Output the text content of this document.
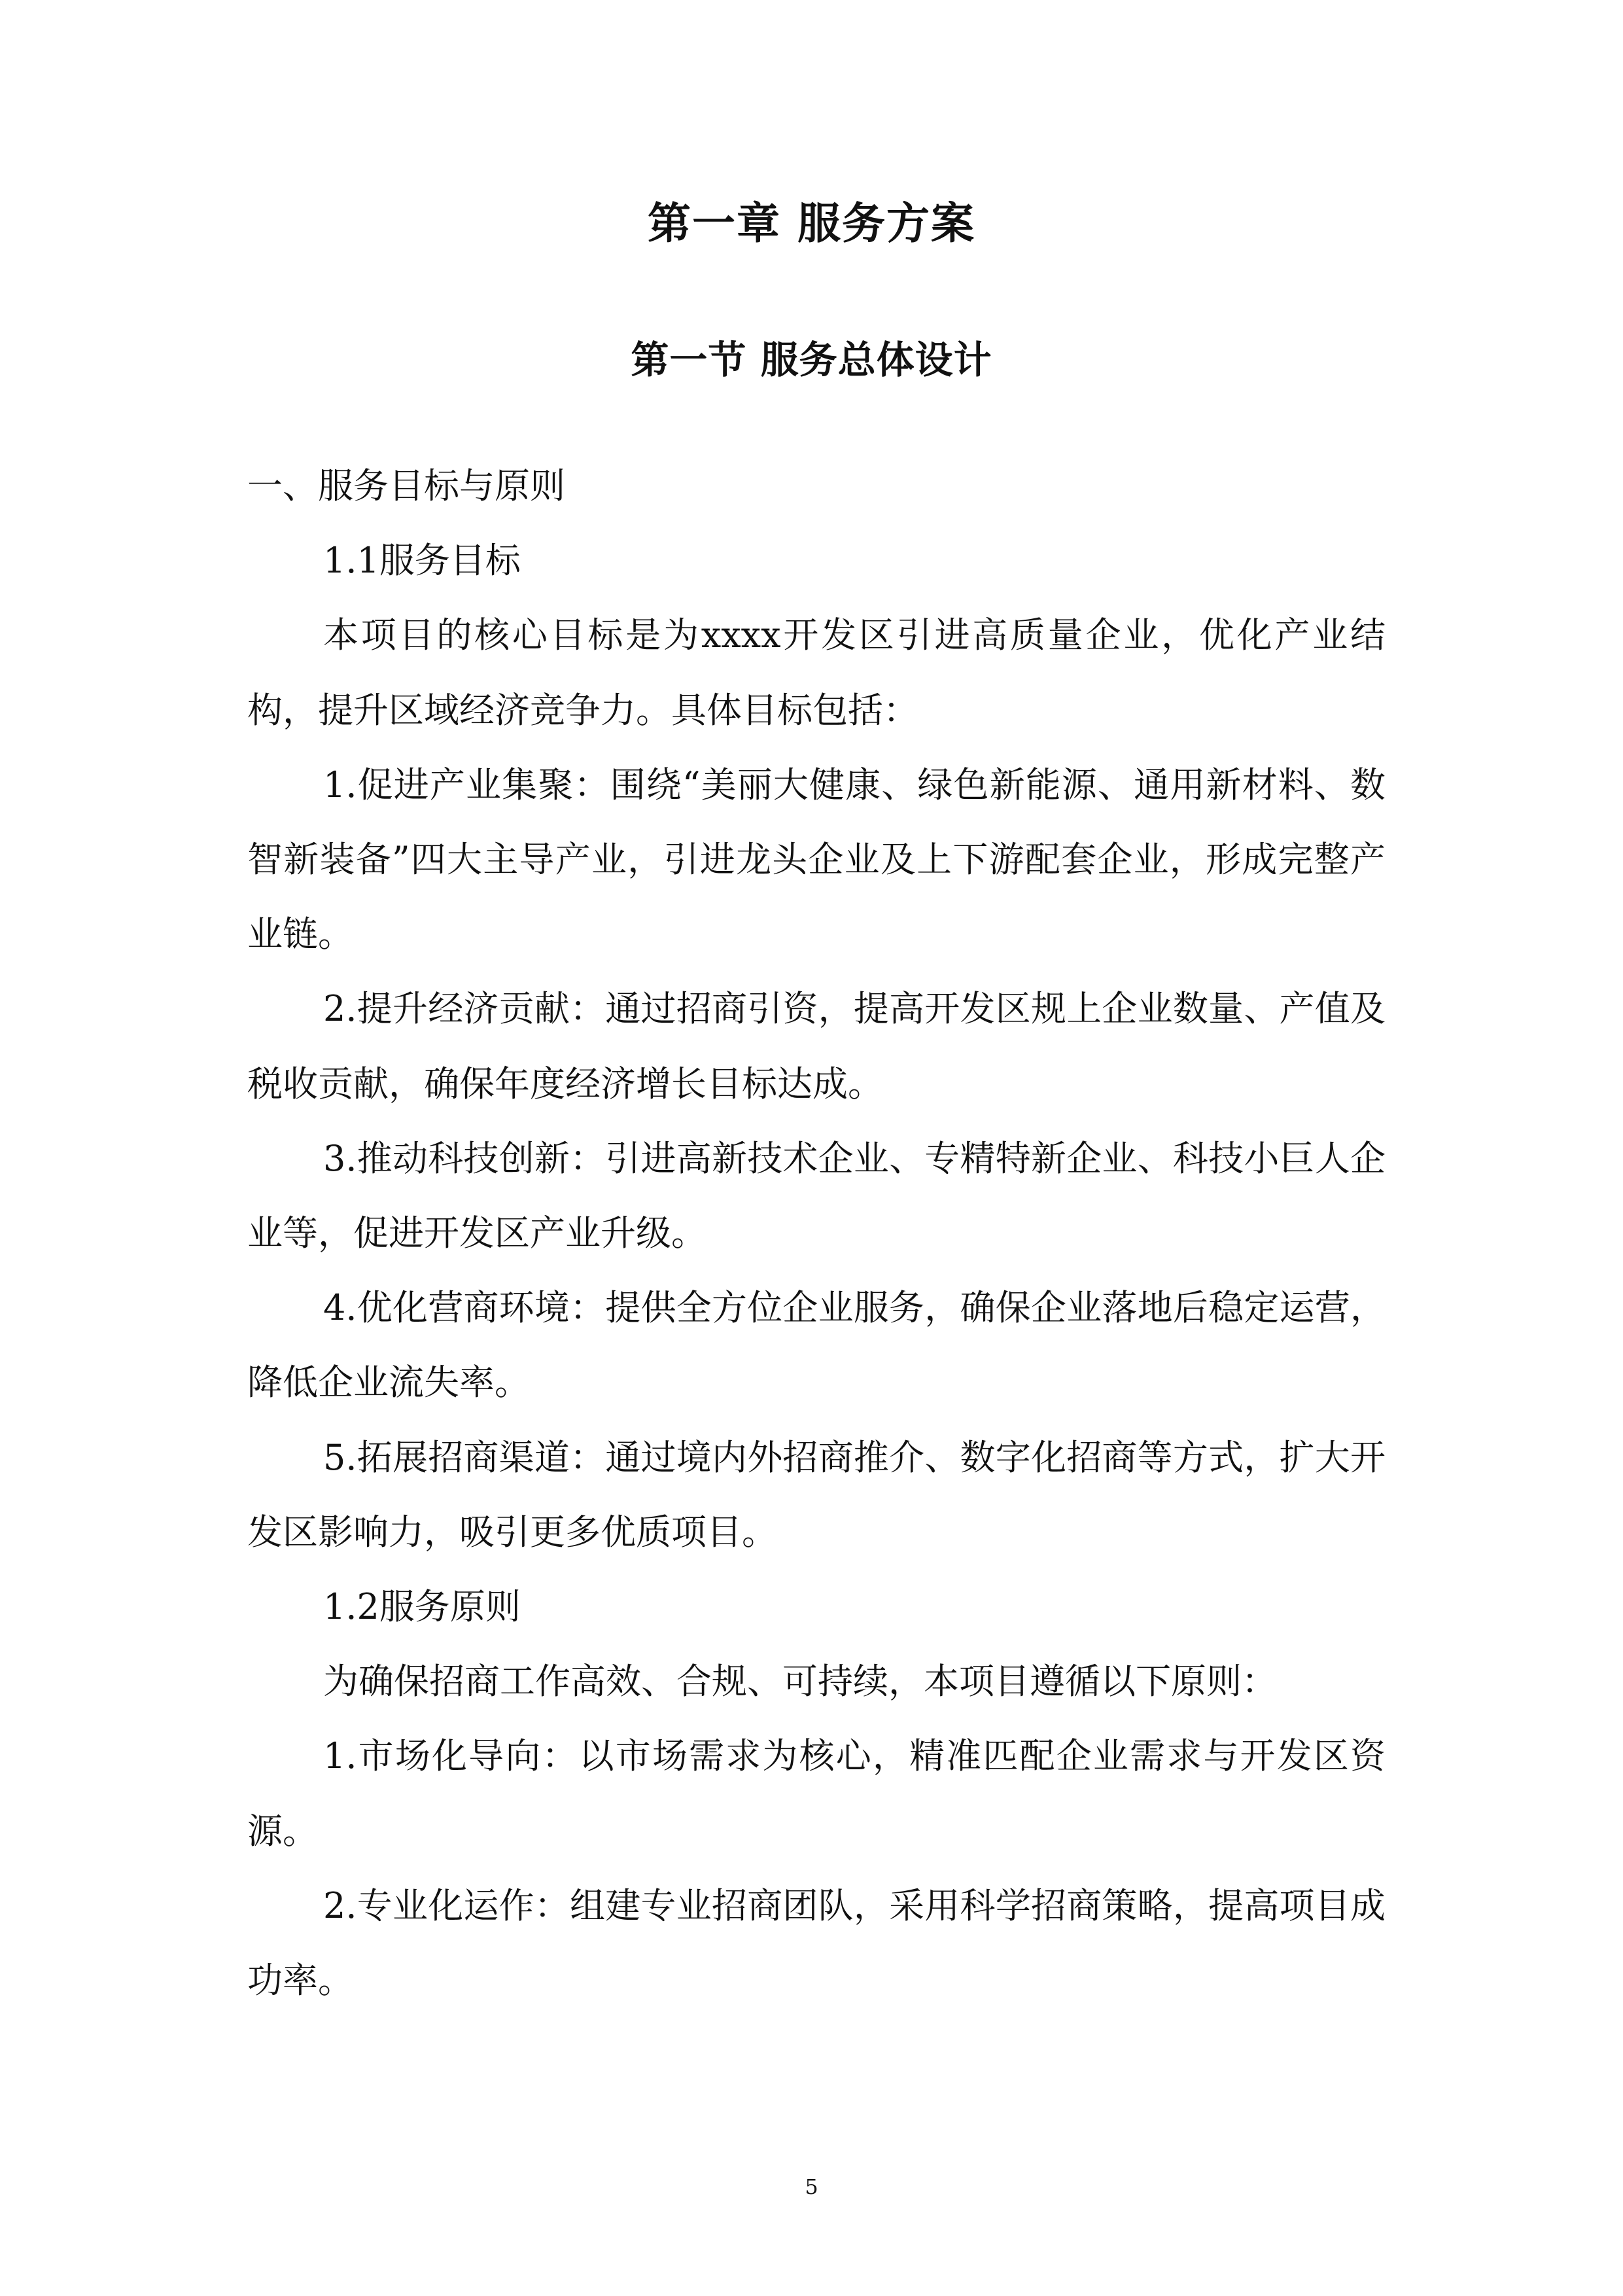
第一章 服务方案
第一节 服务总体设计

一、服务目标与原则

1.1服务目标

本项目的核心目标是为xxxx开发区引进高质量企业，优化产业结构，提升区域经济竞争力。具体目标包括：

1.促进产业集聚：围绕“美丽大健康、绿色新能源、通用新材料、数智新装备”四大主导产业，引进龙头企业及上下游配套企业，形成完整产业链。

2.提升经济贡献：通过招商引资，提高开发区规上企业数量、产值及税收贡献，确保年度经济增长目标达成。

3.推动科技创新：引进高新技术企业、专精特新企业、科技小巨人企业等，促进开发区产业升级。

4.优化营商环境：提供全方位企业服务，确保企业落地后稳定运营，降低企业流失率。

5.拓展招商渠道：通过境内外招商推介、数字化招商等方式，扩大开发区影响力，吸引更多优质项目。

1.2服务原则

为确保招商工作高效、合规、可持续，本项目遵循以下原则：

1.市场化导向：以市场需求为核心，精准匹配企业需求与开发区资源。

2.专业化运作：组建专业招商团队，采用科学招商策略，提高项目成功率。

5
